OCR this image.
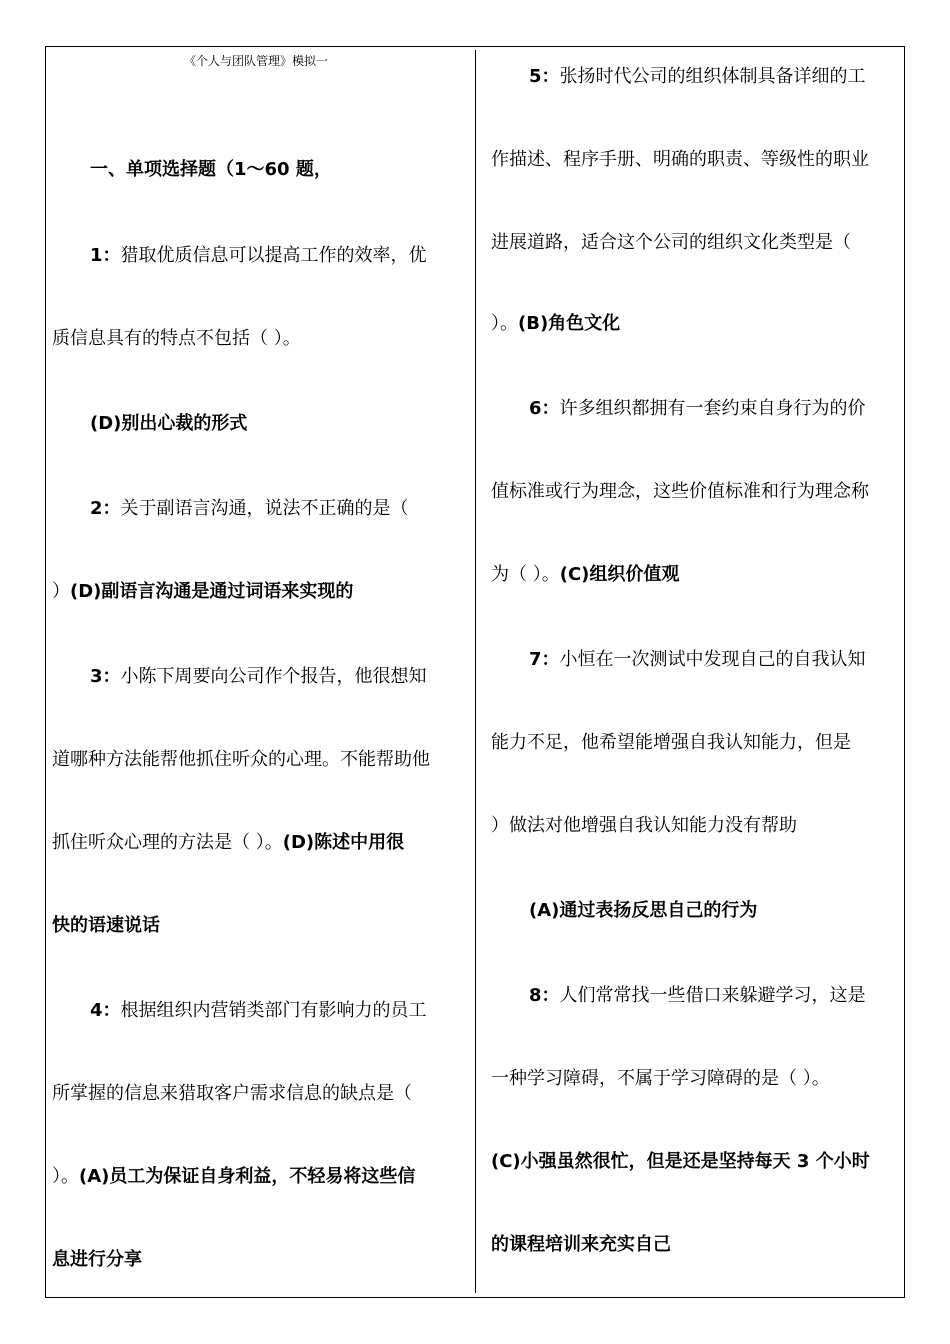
《个人与团队管理》模拟一
一、单项选择题（1～60 题，
1：猎取优质信息可以提高工作的效率，优
质信息具有的特点不包括（ ）。
(D)别出心裁的形式
2：关于副语言沟通，说法不正确的是（
）(D)副语言沟通是通过词语来实现的
3：小陈下周要向公司作个报告，他很想知
道哪种方法能帮他抓住听众的心理。不能帮助他
抓住听众心理的方法是（ ）。(D)陈述中用很
快的语速说话
4：根据组织内营销类部门有影响力的员工
所掌握的信息来猎取客户需求信息的缺点是（
）。(A)员工为保证自身利益，不轻易将这些信
息进行分享
5：张扬时代公司的组织体制具备详细的工
作描述、程序手册、明确的职责、等级性的职业
进展道路，适合这个公司的组织文化类型是（
）。(B)角色文化
6：许多组织都拥有一套约束自身行为的价
值标准或行为理念，这些价值标准和行为理念称
为（ ）。(C)组织价值观
7：小恒在一次测试中发现自己的自我认知
能力不足，他希望能增强自我认知能力，但是
）做法对他增强自我认知能力没有帮助
(A)通过表扬反思自己的行为
8：人们常常找一些借口来躲避学习，这是
一种学习障碍，不属于学习障碍的是（ ）。
(C)小强虽然很忙，但是还是坚持每天 3 个小时
的课程培训来充实自己
